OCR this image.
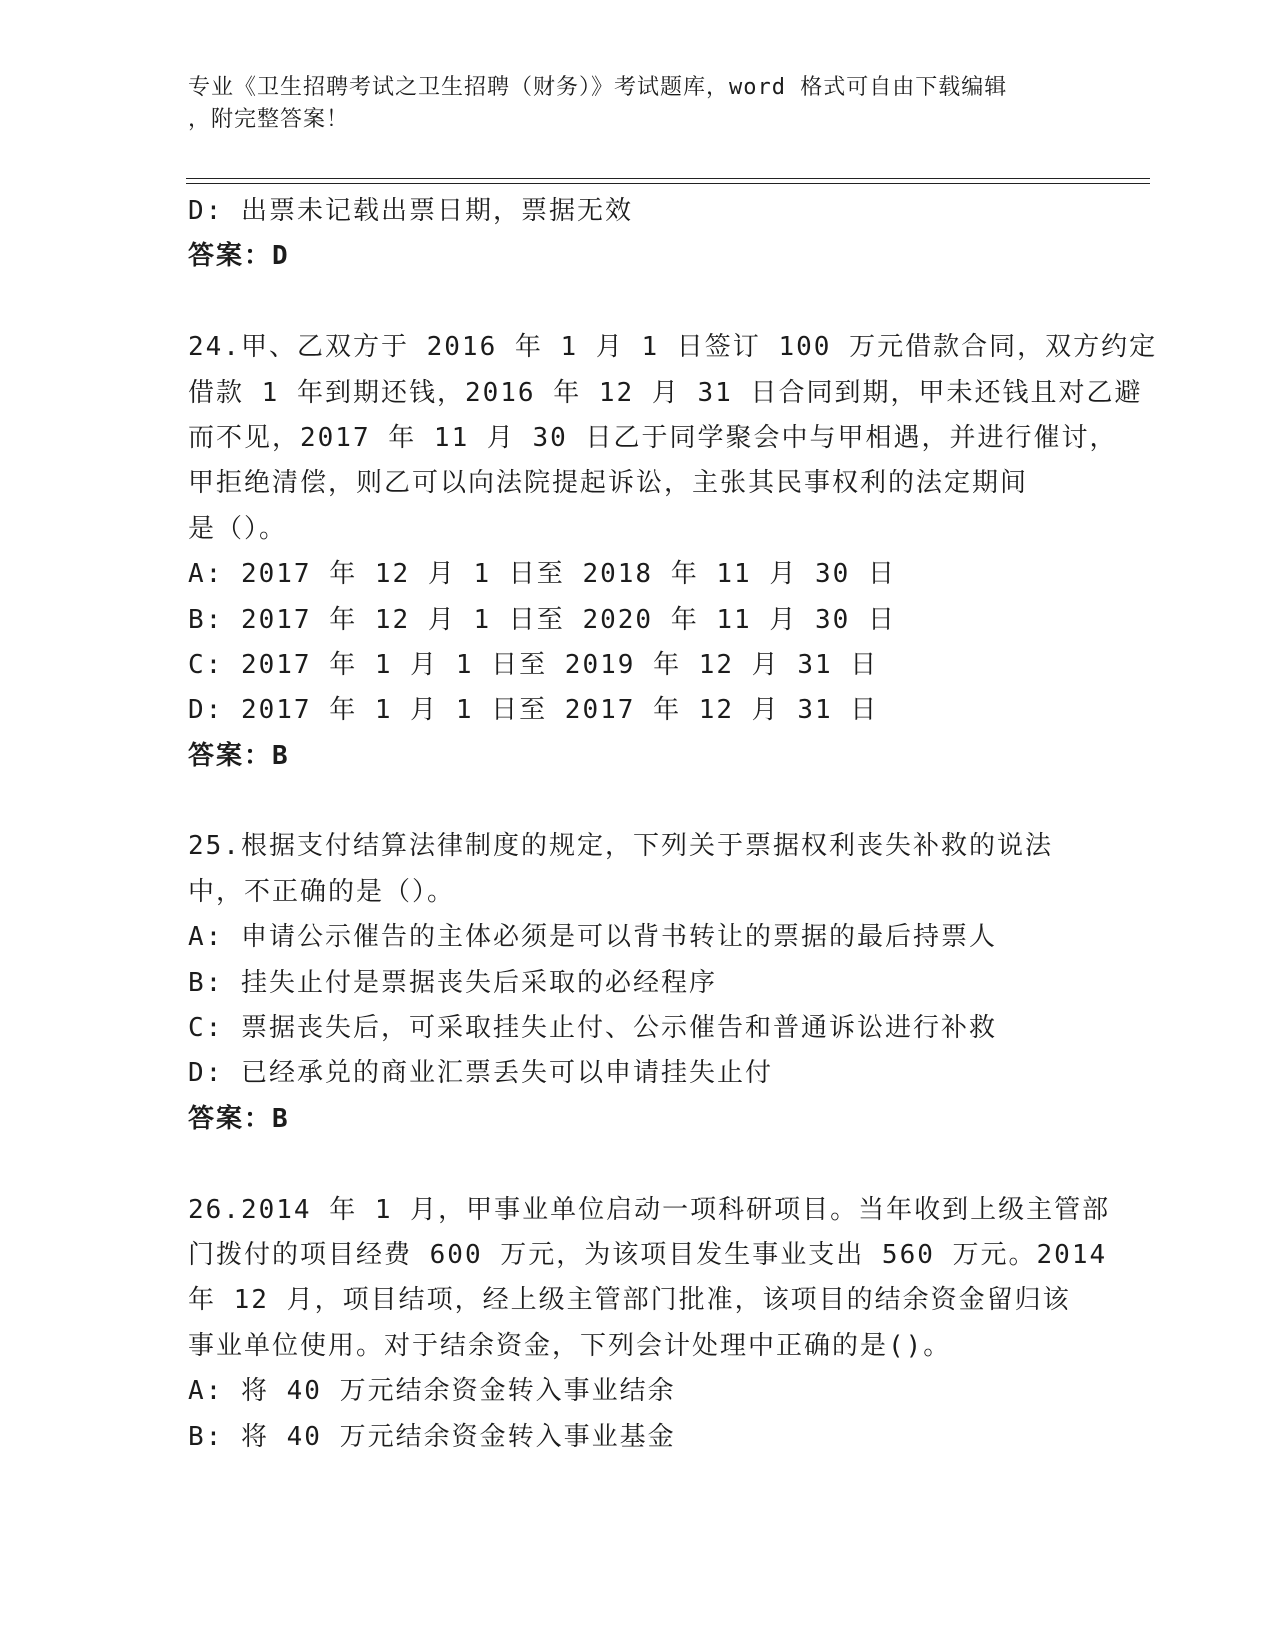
专业《卫生招聘考试之卫生招聘（财务）》考试题库，word 格式可自由下载编辑
，附完整答案！
D: 出票未记载出票日期，票据无效
答案：D
24.甲、乙双方于 2016 年 1 月 1 日签订 100 万元借款合同，双方约定
借款 1 年到期还钱，2016 年 12 月 31 日合同到期，甲未还钱且对乙避
而不见，2017 年 11 月 30 日乙于同学聚会中与甲相遇，并进行催讨，
甲拒绝清偿，则乙可以向法院提起诉讼，主张其民事权利的法定期间
是（）。
A: 2017 年 12 月 1 日至 2018 年 11 月 30 日
B: 2017 年 12 月 1 日至 2020 年 11 月 30 日
C: 2017 年 1 月 1 日至 2019 年 12 月 31 日
D: 2017 年 1 月 1 日至 2017 年 12 月 31 日
答案：B
25.根据支付结算法律制度的规定，下列关于票据权利丧失补救的说法
中，不正确的是（）。
A: 申请公示催告的主体必须是可以背书转让的票据的最后持票人
B: 挂失止付是票据丧失后采取的必经程序
C: 票据丧失后，可采取挂失止付、公示催告和普通诉讼进行补救
D: 已经承兑的商业汇票丢失可以申请挂失止付
答案：B
26.2014 年 1 月，甲事业单位启动一项科研项目。当年收到上级主管部
门拨付的项目经费 600 万元，为该项目发生事业支出 560 万元。2014
年 12 月，项目结项，经上级主管部门批准，该项目的结余资金留归该
事业单位使用。对于结余资金，下列会计处理中正确的是()。
A: 将 40 万元结余资金转入事业结余
B: 将 40 万元结余资金转入事业基金
